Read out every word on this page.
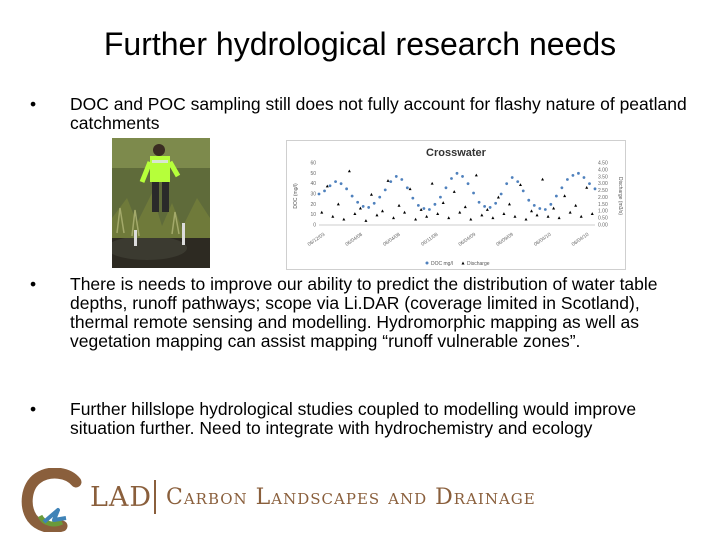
Further hydrological research needs
• DOC and POC sampling still does not fully account for flashy nature of peatland catchments
Crosswater
DOC (mg/l)	Discharge (m3/s)
60
50
40
30
20
10
0
4.50
4.00
3.50
3.00
2.50
2.00
1.50
1.00
0.50
0.00
06/12/03	06/04/08	06/04/08	06/11/08	06/04/09	06/09/09	06/04/10	06/04/10
DOC mg/l	Discharge
• There is needs to improve our ability to predict the distribution of water table depths, runoff pathways; scope via Li.DAR (coverage limited in Scotland), thermal remote sensing and modelling. Hydromorphic mapping as well as vegetation mapping can assist mapping “runoff vulnerable zones”.
• Further hillslope hydrological studies coupled to modelling would improve situation further. Need to integrate with hydrochemistry and ecology
LAD Carbon Landscapes and Drainage
